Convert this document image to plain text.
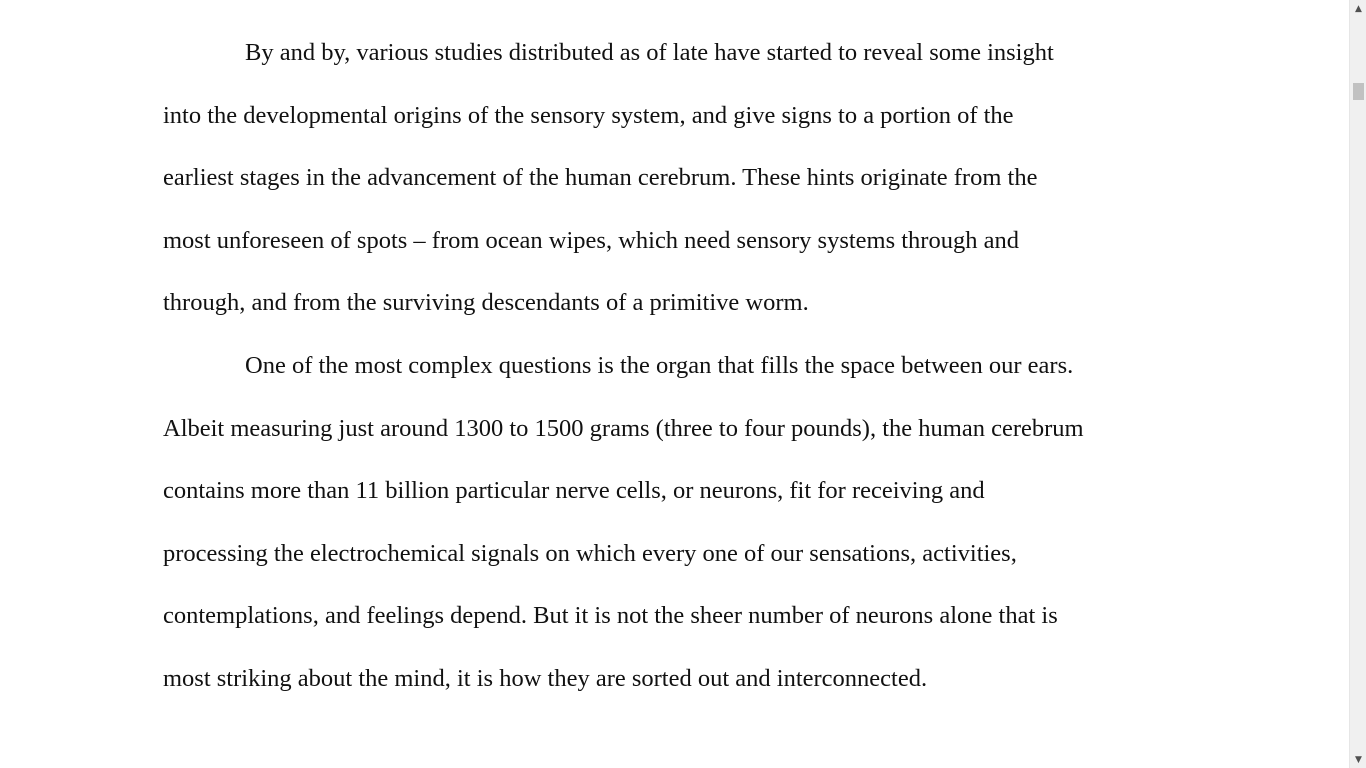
By and by, various studies distributed as of late have started to reveal some insight
into the developmental origins of the sensory system, and give signs to a portion of the
earliest stages in the advancement of the human cerebrum. These hints originate from the
most unforeseen of spots – from ocean wipes, which need sensory systems through and
through, and from the surviving descendants of a primitive worm.
One of the most complex questions is the organ that fills the space between our ears.
Albeit measuring just around 1300 to 1500 grams (three to four pounds), the human cerebrum
contains more than 11 billion particular nerve cells, or neurons, fit for receiving and
processing the electrochemical signals on which every one of our sensations, activities,
contemplations, and feelings depend. But it is not the sheer number of neurons alone that is
most striking about the mind, it is how they are sorted out and interconnected.
▲
▼
